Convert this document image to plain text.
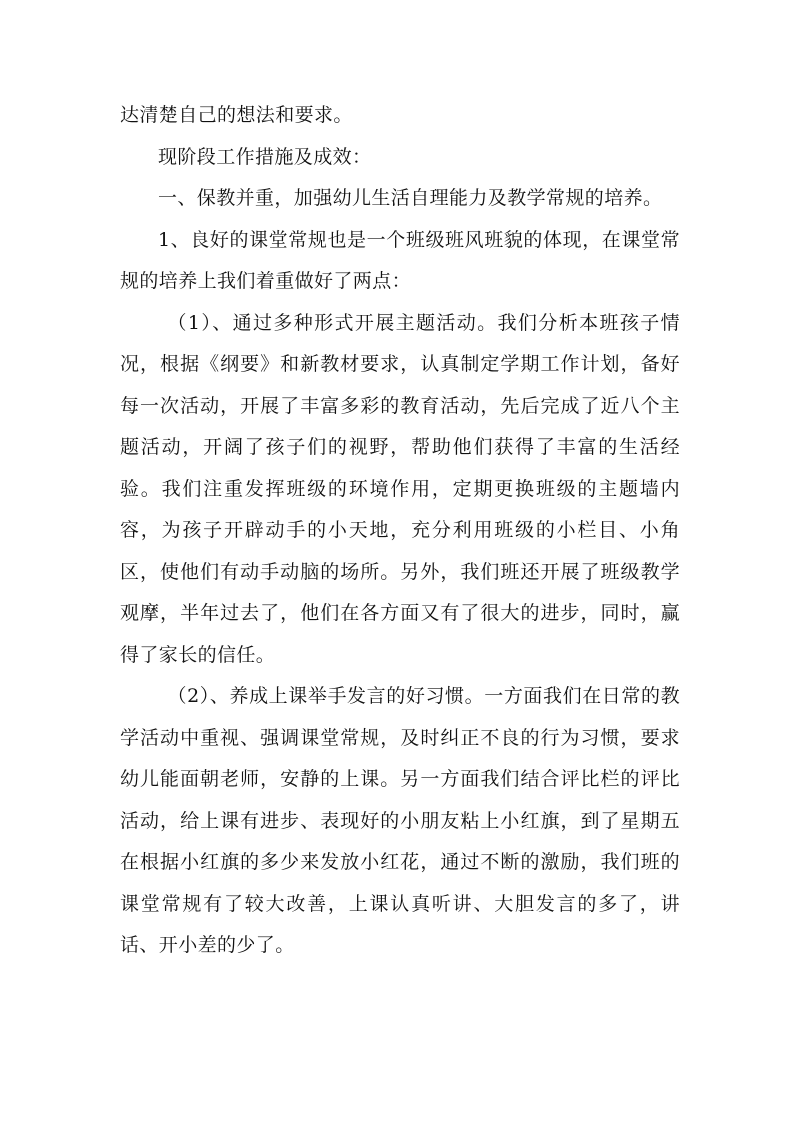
达清楚自己的想法和要求。

现阶段工作措施及成效：

一、保教并重，加强幼儿生活自理能力及教学常规的培养。

1、良好的课堂常规也是一个班级班风班貌的体现，在课堂常规的培养上我们着重做好了两点：

（1）、通过多种形式开展主题活动。我们分析本班孩子情况，根据《纲要》和新教材要求，认真制定学期工作计划，备好每一次活动，开展了丰富多彩的教育活动，先后完成了近八个主题活动，开阔了孩子们的视野，帮助他们获得了丰富的生活经验。我们注重发挥班级的环境作用，定期更换班级的主题墙内容，为孩子开辟动手的小天地，充分利用班级的小栏目、小角区，使他们有动手动脑的场所。另外，我们班还开展了班级教学观摩，半年过去了，他们在各方面又有了很大的进步，同时，赢得了家长的信任。

（2）、养成上课举手发言的好习惯。一方面我们在日常的教学活动中重视、强调课堂常规，及时纠正不良的行为习惯，要求幼儿能面朝老师，安静的上课。另一方面我们结合评比栏的评比活动，给上课有进步、表现好的小朋友粘上小红旗，到了星期五在根据小红旗的多少来发放小红花，通过不断的激励，我们班的课堂常规有了较大改善，上课认真听讲、大胆发言的多了，讲话、开小差的少了。
